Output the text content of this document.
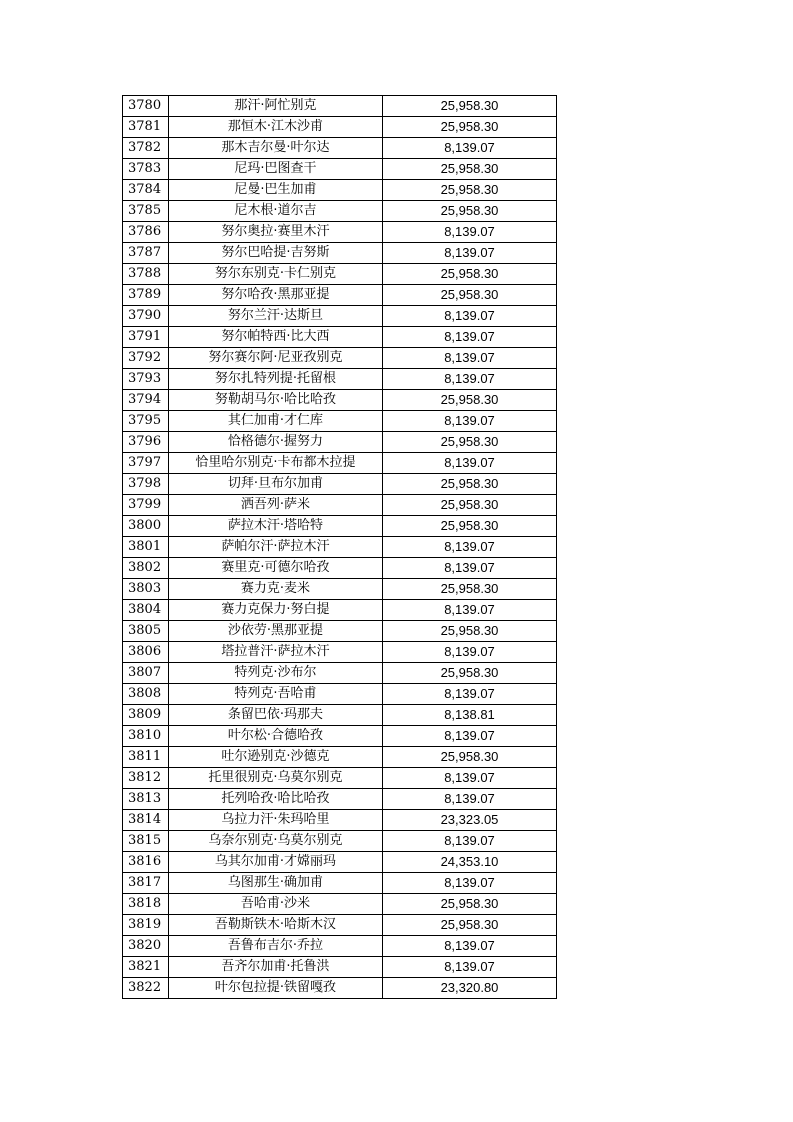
3780	那汗·阿忙别克	25,958.30
3781	那恒木·江木沙甫	25,958.30
3782	那木吉尔曼·叶尔达	8,139.07
3783	尼玛·巴图查干	25,958.30
3784	尼曼·巴生加甫	25,958.30
3785	尼木根·道尔吉	25,958.30
3786	努尔奥拉·赛里木汗	8,139.07
3787	努尔巴哈提·吉努斯	8,139.07
3788	努尔东别克·卡仁别克	25,958.30
3789	努尔哈孜·黑那亚提	25,958.30
3790	努尔兰汗·达斯旦	8,139.07
3791	努尔帕特西·比大西	8,139.07
3792	努尔赛尔阿·尼亚孜别克	8,139.07
3793	努尔扎特列提·托留根	8,139.07
3794	努勒胡马尔·哈比哈孜	25,958.30
3795	其仁加甫·才仁库	8,139.07
3796	恰格德尔·握努力	25,958.30
3797	恰里哈尔别克·卡布都木拉提	8,139.07
3798	切拜·旦布尔加甫	25,958.30
3799	洒吾列·萨米	25,958.30
3800	萨拉木汗·塔哈特	25,958.30
3801	萨帕尔汗·萨拉木汗	8,139.07
3802	赛里克·可德尔哈孜	8,139.07
3803	赛力克·麦米	25,958.30
3804	赛力克保力·努白提	8,139.07
3805	沙依劳·黑那亚提	25,958.30
3806	塔拉普汗·萨拉木汗	8,139.07
3807	特列克·沙布尔	25,958.30
3808	特列克·吾哈甫	8,139.07
3809	条留巴依·玛那夫	8,138.81
3810	叶尔松·合德哈孜	8,139.07
3811	吐尔逊别克·沙德克	25,958.30
3812	托里很别克·乌莫尔别克	8,139.07
3813	托列哈孜·哈比哈孜	8,139.07
3814	乌拉力汗·朱玛哈里	23,323.05
3815	乌奈尔别克·乌莫尔别克	8,139.07
3816	乌其尔加甫·才嫦丽玛	24,353.10
3817	乌图那生·确加甫	8,139.07
3818	吾哈甫·沙米	25,958.30
3819	吾勒斯铁木·哈斯木汉	25,958.30
3820	吾鲁布吉尔·乔拉	8,139.07
3821	吾齐尔加甫·托鲁洪	8,139.07
3822	叶尔包拉提·铁留嘎孜	23,320.80
